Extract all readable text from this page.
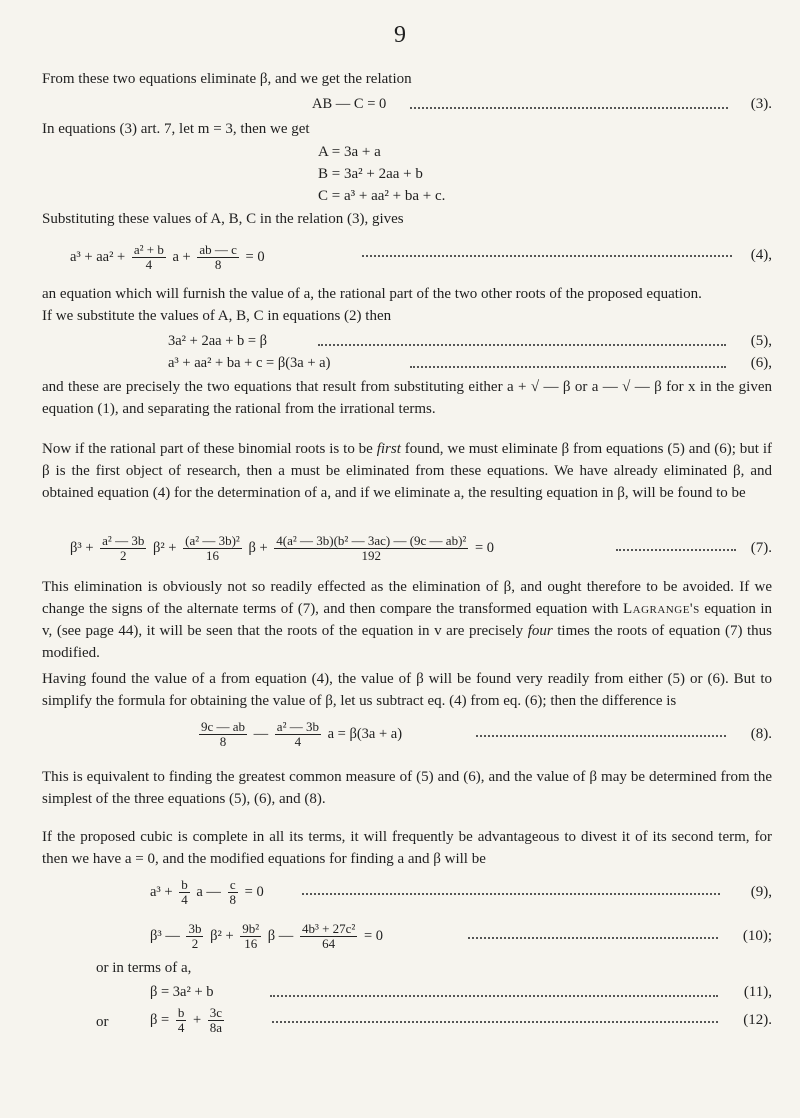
9
From these two equations eliminate β, and we get the relation
AB — C = 0	(3).
In equations (3) art. 7, let m = 3, then we get
A = 3a + a
B = 3a² + 2aa + b
C = a³ + aa² + ba + c.
Substituting these values of A, B, C in the relation (3), gives
$a^3 + aa^2 + \frac{\text{a² + b}}{4}$ $a + \frac{ab — c}{8} = 0$	(4),
an equation which will furnish the value of a, the rational part of the two other roots of the proposed equation.
If we substitute the values of A, B, C in equations (2) then
3a² + 2aa + b = β	(5),
a³ + aa² + ba + c = β(3a + a)	(6),
and these are precisely the two equations that result from substituting either a + √ — β or a — √ — β for x in the given equation (1), and separating the rational from the irrational terms.
Now if the rational part of these binomial roots is to be first found, we must eliminate β from equations (5) and (6); but if β is the first object of research, then a must be eliminated from these equations. We have already eliminated β, and obtained equation (4) for the determination of a, and if we eliminate a, the resulting equation in β, will be found to be
$\beta^3 + \frac{\text{a² — 3b}}{2} \beta^2 + \frac{\text{(a² — 3b)²}}{16}$ $\beta + \frac{\text{4(a² — 3b)(b² — 3ac) — (9c — ab)²}}{192} = 0$	(7).
This elimination is obviously not so readily effected as the elimination of β, and ought therefore to be avoided. If we change the signs of the alternate terms of (7), and then compare the transformed equation with Lagrange's equation in v, (see page 44), it will be seen that the roots of the equation in v are precisely four times the roots of equation (7) thus modified.
Having found the value of a from equation (4), the value of β will be found very readily from either (5) or (6). But to simplify the formula for obtaining the value of β, let us subtract eq. (4) from eq. (6); then the difference is
$\frac{9c — ab}{8}$ — $\frac{\text{a² — 3b}}{4}$ a = β(3a + a)	(8).
This is equivalent to finding the greatest common measure of (5) and (6), and the value of β may be determined from the simplest of the three equations (5), (6), and (8).
If the proposed cubic is complete in all its terms, it will frequently be advantageous to divest it of its second term, for then we have a = 0, and the modified equations for finding a and β will be
$a^3 + \frac{b}{4}$ a — $\frac{c}{8} = 0$	(9),
β³ — $\frac{3b}{2} \beta^2 + \frac{\text{9b²}}{16}$ β — $\frac{\text{4b³ + 27c²}}{64} = 0$	(10);
or in terms of a,
β = 3a² + b	(11),
or	$\beta = \frac{b}{4} + \frac{3c}{8a}$	(12).
